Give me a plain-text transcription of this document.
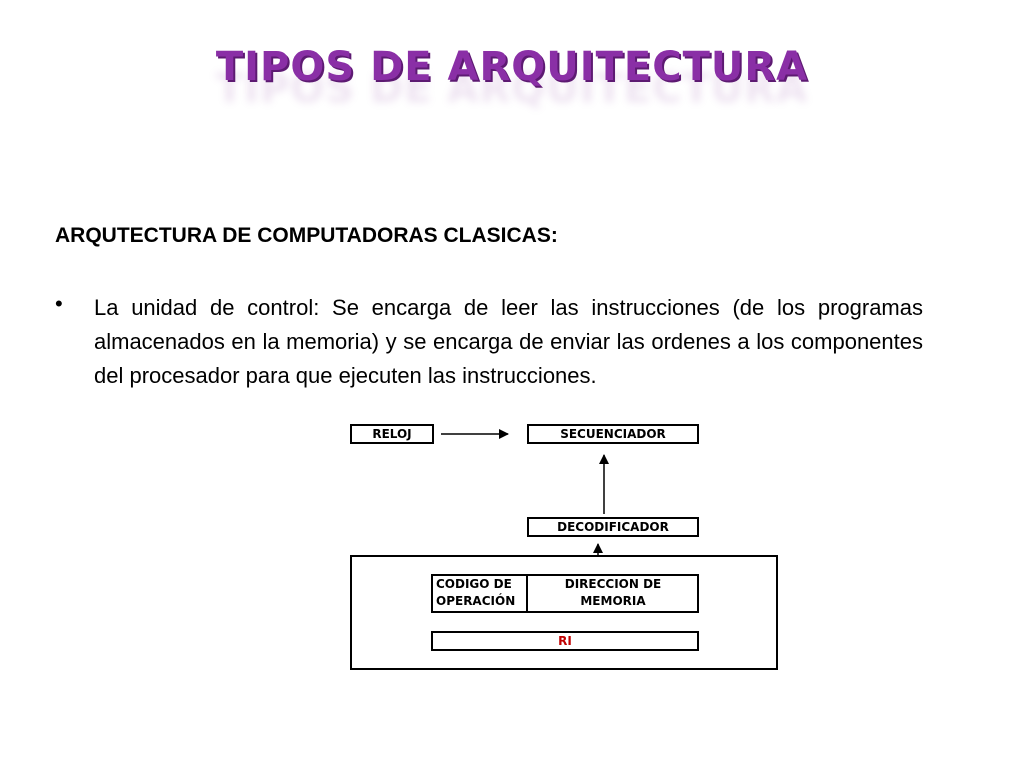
TIPOS DE ARQUITECTURA
ARQUTECTURA DE COMPUTADORAS CLASICAS:
• La unidad de control: Se encarga de leer las instrucciones (de los programas almacenados en la memoria) y se encarga de enviar las ordenes a los componentes del procesador para que ejecuten las instrucciones.
RELOJ	SECUENCIADOR
DECODIFICADOR
CODIGO DE
OPERACIÓN
DIRECCION DE
MEMORIA
RI
